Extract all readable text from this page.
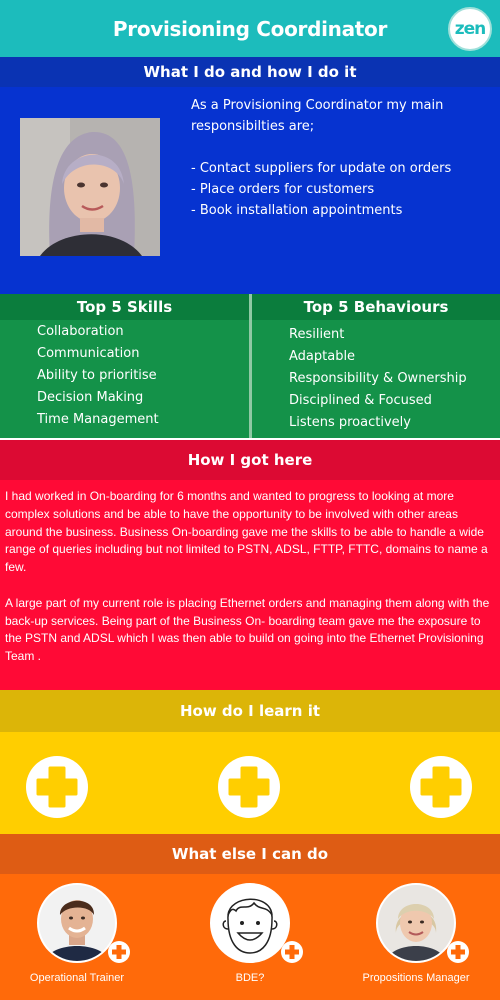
Provisioning Coordinator	zen
What I do and how I do it
As a Provisioning Coordinator my main responsibilties are;
- Contact suppliers for update on orders
- Place orders for customers
- Book installation appointments
Top 5 Skills	Top 5 Behaviours
Collaboration
Communication
Ability to prioritise
Decision Making
Time Management
Resilient
Adaptable
Responsibility & Ownership
Disciplined & Focused
Listens proactively
How I got here

I had worked in On-boarding for 6 months and wanted to progress to looking at more complex solutions and be able to have the opportunity to be involved with other areas around the business. Business On-boarding gave me the skills to be able to handle a wide range of queries including but not limited to PSTN, ADSL, FTTP, FTTC, domains to name a few.

A large part of my current role is placing Ethernet orders and managing them along with the back-up services. Being part of the Business On- boarding team gave me the exposure to the PSTN and ADSL which I was then able to build on going into the Ethernet Provisioning Team .

How do I learn it
What else I can do
Operational Trainer	BDE?	Propositions Manager
